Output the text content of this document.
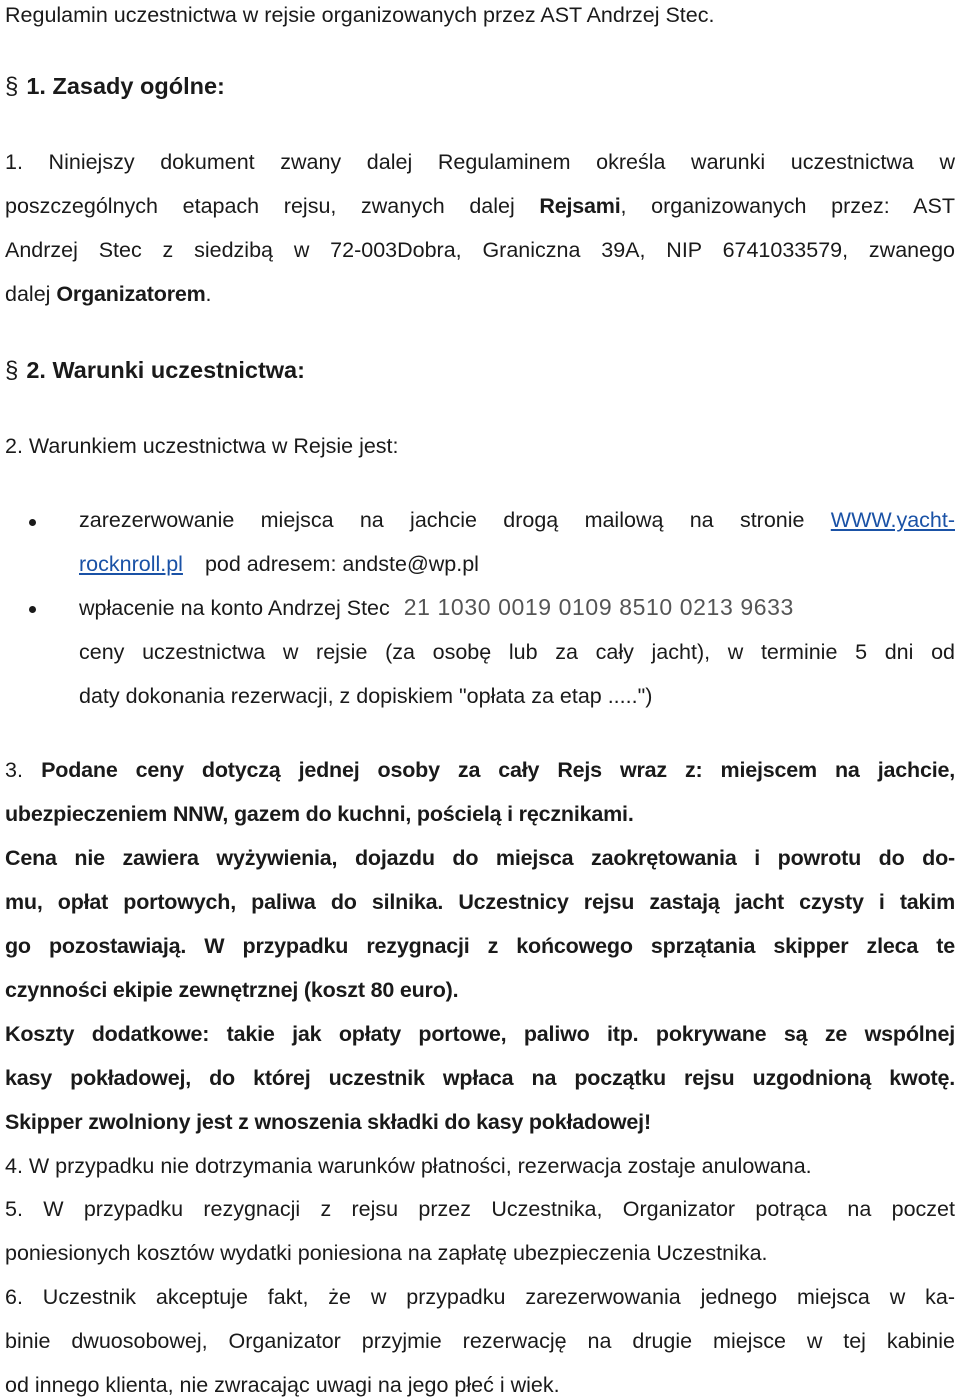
Regulamin uczestnictwa w rejsie organizowanych przez AST Andrzej Stec.

§ 1. Zasady ogólne:

1. Niniejszy dokument zwany dalej Regulaminem określa warunki uczestnictwa w

poszczególnych etapach rejsu, zwanych dalej Rejsami, organizowanych przez: AST

Andrzej Stec z siedzibą w 72-003Dobra, Graniczna 39A, NIP 6741033579, zwanego

dalej Organizatorem.

§ 2. Warunki uczestnictwa:

2. Warunkiem uczestnictwa w Rejsie jest:

zarezerwowanie miejsca na jachcie drogą mailową na stronie WWW.yacht-

rocknroll.pl pod adresem: andste@wp.pl

wpłacenie na konto Andrzej Stec 21 1030 0019 0109 8510 0213 9633

ceny uczestnictwa w rejsie (za osobę lub za cały jacht), w terminie 5 dni od

daty dokonania rezerwacji, z dopiskiem "opłata za etap .....")

3. Podane ceny dotyczą jednej osoby za cały Rejs wraz z: miejscem na jachcie,

ubezpieczeniem NNW, gazem do kuchni, pościelą i ręcznikami.

Cena nie zawiera wyżywienia, dojazdu do miejsca zaokrętowania i powrotu do do-

mu, opłat portowych, paliwa do silnika. Uczestnicy rejsu zastają jacht czysty i takim

go pozostawiają. W przypadku rezygnacji z końcowego sprzątania skipper zleca te

czynności ekipie zewnętrznej (koszt 80 euro).

Koszty dodatkowe: takie jak opłaty portowe, paliwo itp. pokrywane są ze wspólnej

kasy pokładowej, do której uczestnik wpłaca na początku rejsu uzgodnioną kwotę.

Skipper zwolniony jest z wnoszenia składki do kasy pokładowej!

4. W przypadku nie dotrzymania warunków płatności, rezerwacja zostaje anulowana.

5. W przypadku rezygnacji z rejsu przez Uczestnika, Organizator potrąca na poczet

poniesionych kosztów wydatki poniesiona na zapłatę ubezpieczenia Uczestnika.

6. Uczestnik akceptuje fakt, że w przypadku zarezerwowania jednego miejsca w ka-

binie dwuosobowej, Organizator przyjmie rezerwację na drugie miejsce w tej kabinie

od innego klienta, nie zwracając uwagi na jego płeć i wiek.
